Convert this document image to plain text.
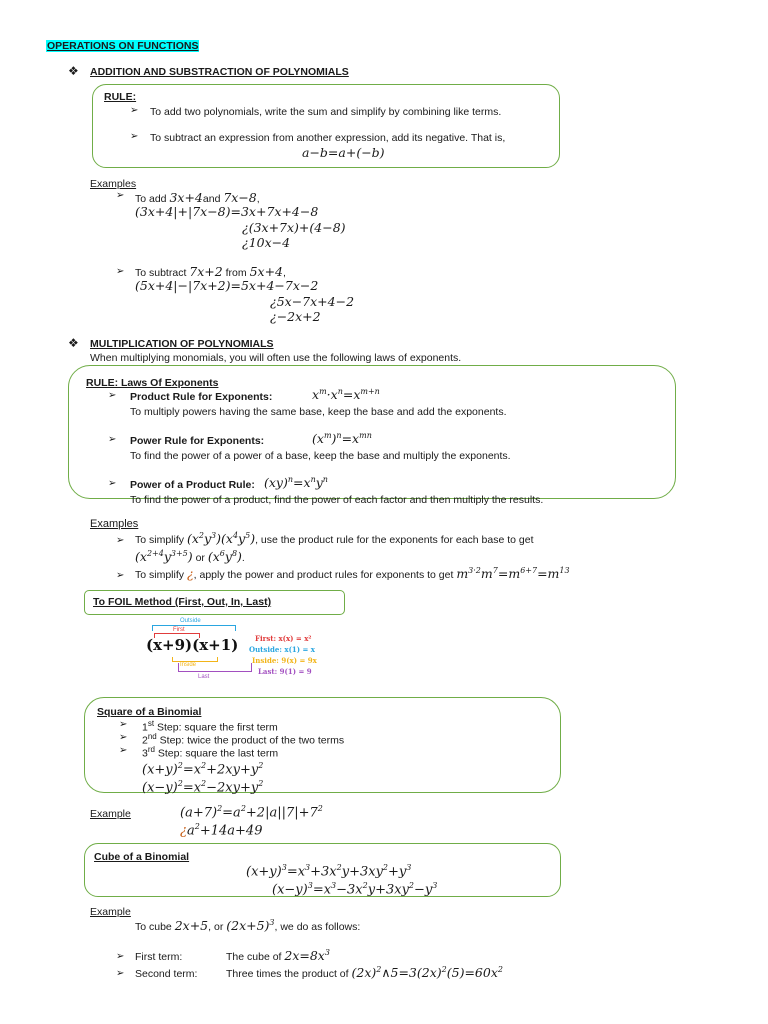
OPERATIONS ON FUNCTIONS
❖ ADDITION AND SUBSTRACTION OF POLYNOMIALS
RULE:
➢ To add two polynomials, write the sum and simplify by combining like terms.
➢ To subtract an expression from another expression, add its negative. That is,
a−b=a+(−b)
Examples
➢ To add 3x+4and 7x−8,
(3x+4|+|7x−8)=3x+7x+4−8
¿(3x+7x)+(4−8)
¿10x−4
➢ To subtract 7x+2 from 5x+4,
(5x+4|−|7x+2)=5x+4−7x−2
¿5x−7x+4−2
¿−2x+2
❖ MULTIPLICATION OF POLYNOMIALS
When multiplying monomials, you will often use the following laws of exponents.
RULE: Laws Of Exponents
➢ Product Rule for Exponents:	$x^m\cdot x^n=x^{m+n}$
To multiply powers having the same base, keep the base and add the exponents.
➢ Power Rule for Exponents:	$(x^m)^n=x^{mn}$
To find the power of a power of a base, keep the base and multiply the exponents.
➢ Power of a Product Rule: $(xy)^n=x^ny^n$
To find the power of a product, find the power of each factor and then multiply the results.
Examples
➢ To simplify $(x^2y^3)(x^4y^5)$, use the product rule for the exponents for each base to get
$(x^{2+4}y^{3+5})$ or $(x^6y^8)$.
➢ To simplify ¿, apply the power and product rules for exponents to get $m^{3\cdot 2}m^7=m^{6+7}=m^{13}$
To FOIL Method (First, Out, In, Last)
Outside
First
(x+9)(x+1)
Inside
Last
First: x(x) = x²
Outside: x(1) = x
Inside: 9(x) = 9x
Last: 9(1) = 9
Square of a Binomial
➢ 1st Step: square the first term
➢ 2nd Step: twice the product of the two terms
➢ 3rd Step: square the last term
$(x+y)^2=x^2+2xy+y^2$
$(x-y)^2=x^2-2xy+y^2$
Example	$(a+7)^2=a^2+2|a||7|+7^2$
¿$a^2+14a+49$
Cube of a Binomial
$(x+y)^3=x^3+3x^2y+3xy^2+y^3$
$(x-y)^3=x^3-3x^2y+3xy^2-y^3$
Example
To cube 2x+5, or $(2x+5)^3$, we do as follows:
➢ First term:	The cube of $2x=8x^3$
➢ Second term:	Three times the product of $(2x)^2\wedge 5=3(2x)^2(5)=60x^2$
